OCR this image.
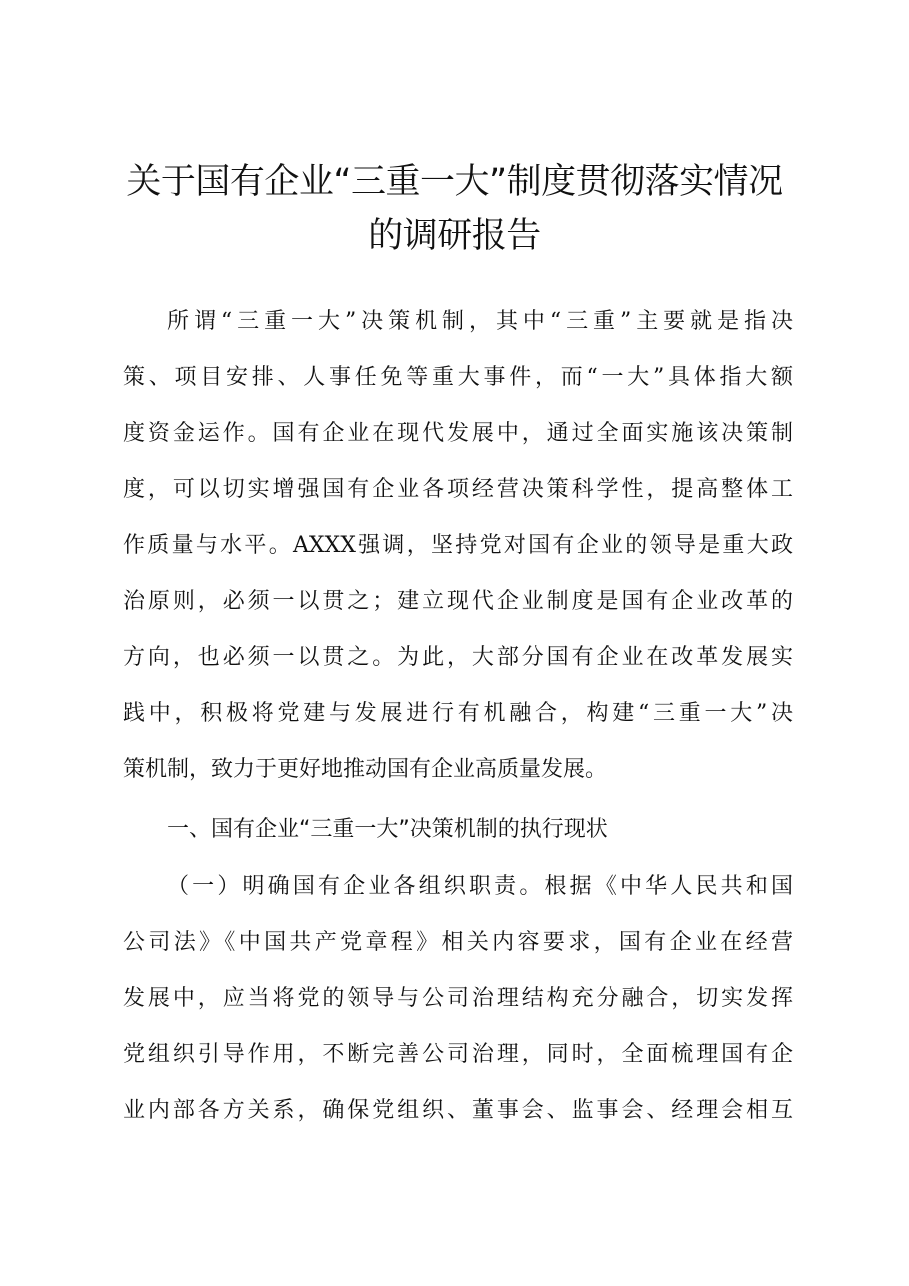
关于国有企业“三重一大”制度贯彻落实情况
的调研报告
所谓“三重一大”决策机制，其中“三重”主要就是指决
策、项目安排、人事任免等重大事件，而“一大”具体指大额
度资金运作。国有企业在现代发展中，通过全面实施该决策制
度，可以切实增强国有企业各项经营决策科学性，提高整体工
作质量与水平。AXXX强调，坚持党对国有企业的领导是重大政
治原则，必须一以贯之；建立现代企业制度是国有企业改革的
方向，也必须一以贯之。为此，大部分国有企业在改革发展实
践中，积极将党建与发展进行有机融合，构建“三重一大”决
策机制，致力于更好地推动国有企业高质量发展。
一、国有企业“三重一大”决策机制的执行现状
（一）明确国有企业各组织职责。根据《中华人民共和国
公司法》《中国共产党章程》相关内容要求，国有企业在经营
发展中，应当将党的领导与公司治理结构充分融合，切实发挥
党组织引导作用，不断完善公司治理，同时，全面梳理国有企
业内部各方关系，确保党组织、董事会、监事会、经理会相互
